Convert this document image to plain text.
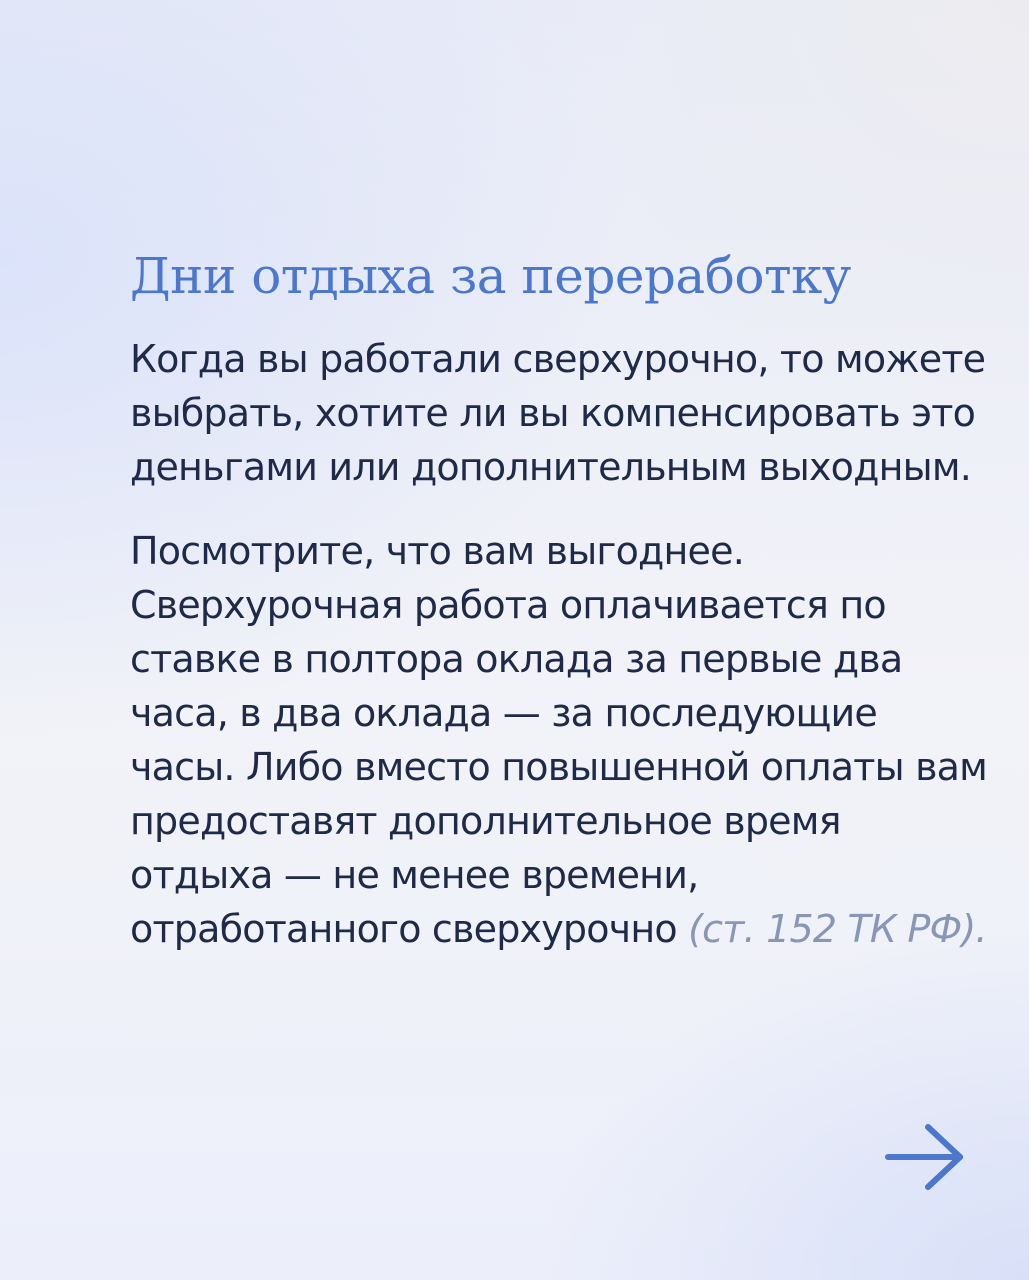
Дни отдыха за переработку

Когда вы работали сверхурочно, то можете выбрать, хотите ли вы компенсировать это деньгами или дополнительным выходным.

Посмотрите, что вам выгоднее. Сверхурочная работа оплачивается по ставке в полтора оклада за первые два часа, в два оклада — за последующие часы. Либо вместо повышенной оплаты вам предоставят дополнительное время отдыха — не менее времени, отработанного сверхурочно (ст. 152 ТК РФ).
